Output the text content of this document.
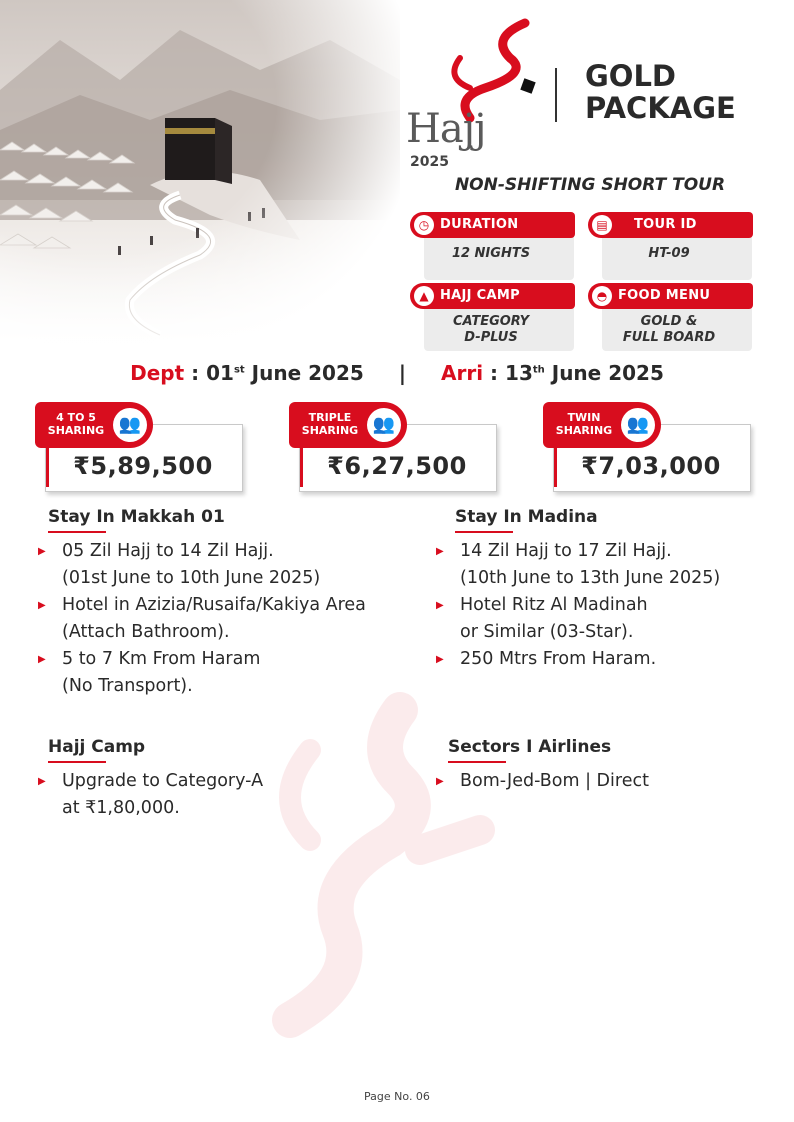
Hajj
2025
GOLD
PACKAGE
NON-SHIFTING SHORT TOUR
◷ DURATION
12 NIGHTS
▤	TOUR ID
HT-09
▲ HAJJ CAMP
CATEGORY
D-PLUS
◓ FOOD MENU
GOLD &
FULL BOARD
Dept : 01st June 2025 | Arri : 13th June 2025
4 TO 5
SHARING 👥
₹5,89,500
TRIPLE
SHARING 👥
₹6,27,500
TWIN
SHARING 👥
₹7,03,000
Stay In Makkah 01
▶ 05 Zil Hajj to 14 Zil Hajj.
(01st June to 10th June 2025)
▶ Hotel in Azizia/Rusaifa/Kakiya Area
(Attach Bathroom).
▶ 5 to 7 Km From Haram
(No Transport).
Stay In Madina
▶ 14 Zil Hajj to 17 Zil Hajj.
(10th June to 13th June 2025)
▶ Hotel Ritz Al Madinah
or Similar (03-Star).
▶ 250 Mtrs From Haram.
Hajj Camp
▶ Upgrade to Category-A
at ₹1,80,000.
Sectors I Airlines
▶ Bom-Jed-Bom | Direct
Page No. 06
